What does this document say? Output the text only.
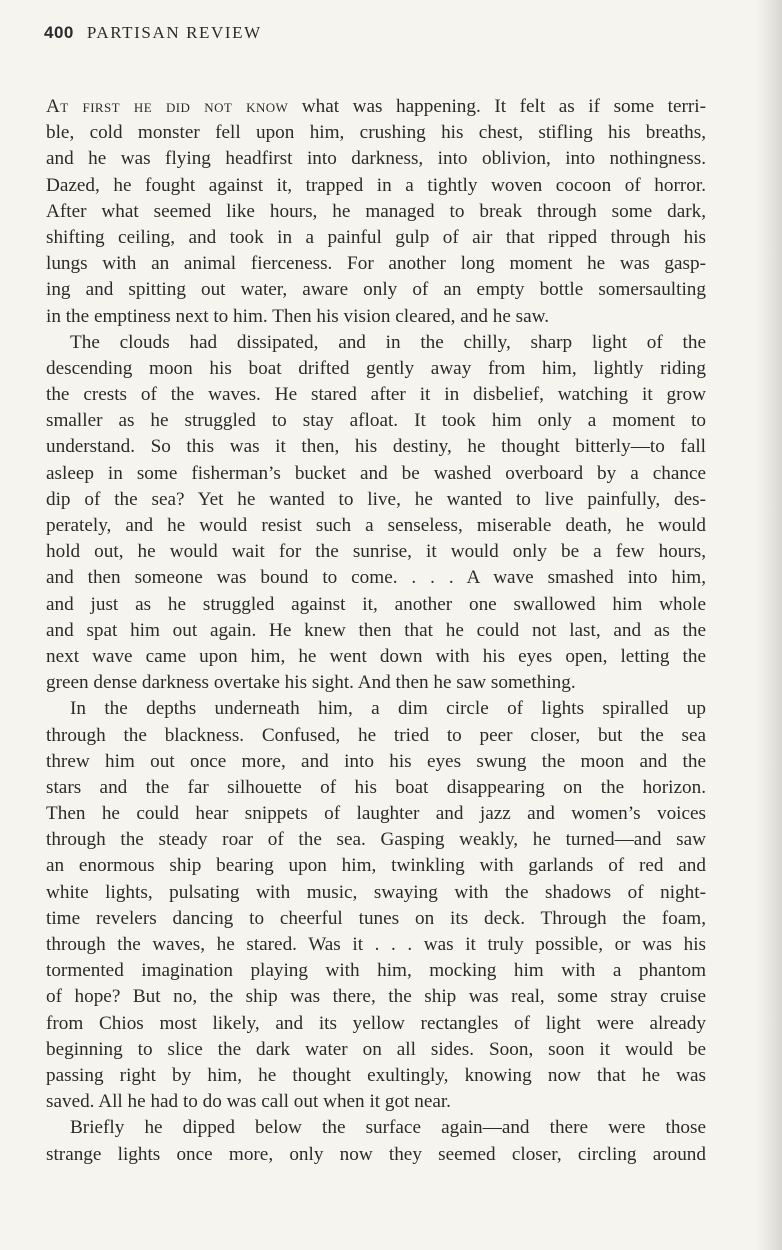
400 PARTISAN REVIEW
At first he did not know what was happening. It felt as if some terri-
ble, cold monster fell upon him, crushing his chest, stifling his breaths,
and he was flying headfirst into darkness, into oblivion, into nothingness.
Dazed, he fought against it, trapped in a tightly woven cocoon of horror.
After what seemed like hours, he managed to break through some dark,
shifting ceiling, and took in a painful gulp of air that ripped through his
lungs with an animal fierceness. For another long moment he was gasp-
ing and spitting out water, aware only of an empty bottle somersaulting
in the emptiness next to him. Then his vision cleared, and he saw.
The clouds had dissipated, and in the chilly, sharp light of the
descending moon his boat drifted gently away from him, lightly riding
the crests of the waves. He stared after it in disbelief, watching it grow
smaller as he struggled to stay afloat. It took him only a moment to
understand. So this was it then, his destiny, he thought bitterly—to fall
asleep in some fisherman’s bucket and be washed overboard by a chance
dip of the sea? Yet he wanted to live, he wanted to live painfully, des-
perately, and he would resist such a senseless, miserable death, he would
hold out, he would wait for the sunrise, it would only be a few hours,
and then someone was bound to come. . . . A wave smashed into him,
and just as he struggled against it, another one swallowed him whole
and spat him out again. He knew then that he could not last, and as the
next wave came upon him, he went down with his eyes open, letting the
green dense darkness overtake his sight. And then he saw something.
In the depths underneath him, a dim circle of lights spiralled up
through the blackness. Confused, he tried to peer closer, but the sea
threw him out once more, and into his eyes swung the moon and the
stars and the far silhouette of his boat disappearing on the horizon.
Then he could hear snippets of laughter and jazz and women’s voices
through the steady roar of the sea. Gasping weakly, he turned—and saw
an enormous ship bearing upon him, twinkling with garlands of red and
white lights, pulsating with music, swaying with the shadows of night-
time revelers dancing to cheerful tunes on its deck. Through the foam,
through the waves, he stared. Was it . . . was it truly possible, or was his
tormented imagination playing with him, mocking him with a phantom
of hope? But no, the ship was there, the ship was real, some stray cruise
from Chios most likely, and its yellow rectangles of light were already
beginning to slice the dark water on all sides. Soon, soon it would be
passing right by him, he thought exultingly, knowing now that he was
saved. All he had to do was call out when it got near.
Briefly he dipped below the surface again—and there were those
strange lights once more, only now they seemed closer, circling around
